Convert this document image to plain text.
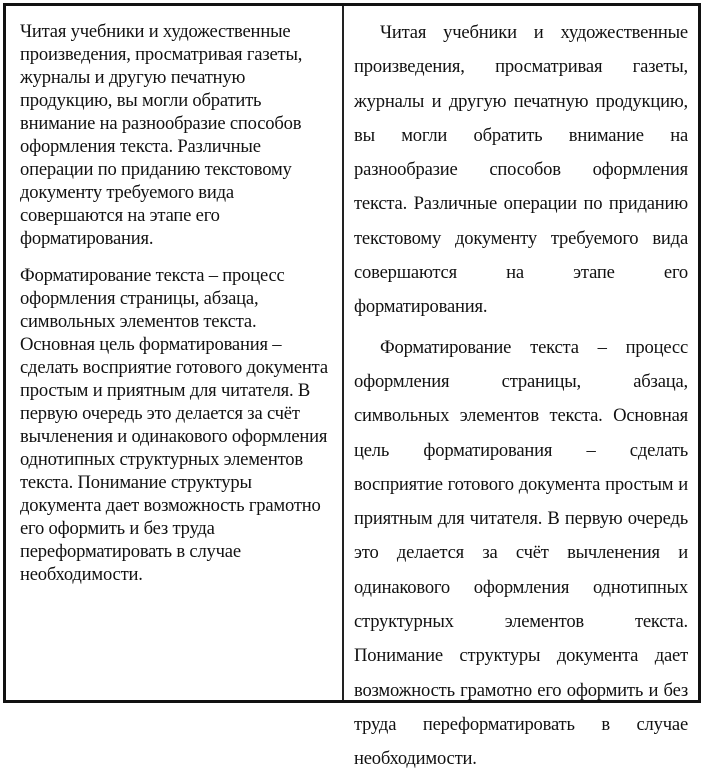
Читая учебники и художественные
произведения, просматривая газеты,
журналы и другую печатную
продукцию, вы могли обратить
внимание на разнообразие способов
оформления текста. Различные
операции по приданию текстовому
документу требуемого вида
совершаются на этапе его
форматирования.

Форматирование текста – процесс
оформления страницы, абзаца,
символьных элементов текста.
Основная цель форматирования –
сделать восприятие готового документа
простым и приятным для читателя. В
первую очередь это делается за счёт
вычленения и одинакового оформления
однотипных структурных элементов
текста. Понимание структуры
документа дает возможность грамотно
его оформить и без труда
переформатировать в случае
необходимости.

Читая учебники и художественные произведения, просматривая газеты, журналы и другую печатную продукцию, вы могли обратить внимание на разнообразие способов оформления текста. Различные операции по приданию текстовому документу требуемого вида совершаются на этапе его форматирования.

Форматирование текста – процесс оформления страницы, абзаца, символьных элементов текста. Основная цель форматирования – сделать восприятие готового документа простым и приятным для читателя. В первую очередь это делается за счёт вычленения и одинакового оформления однотипных структурных элементов текста. Понимание структуры документа дает возможность грамотно его оформить и без труда переформатировать в случае необходимости.
